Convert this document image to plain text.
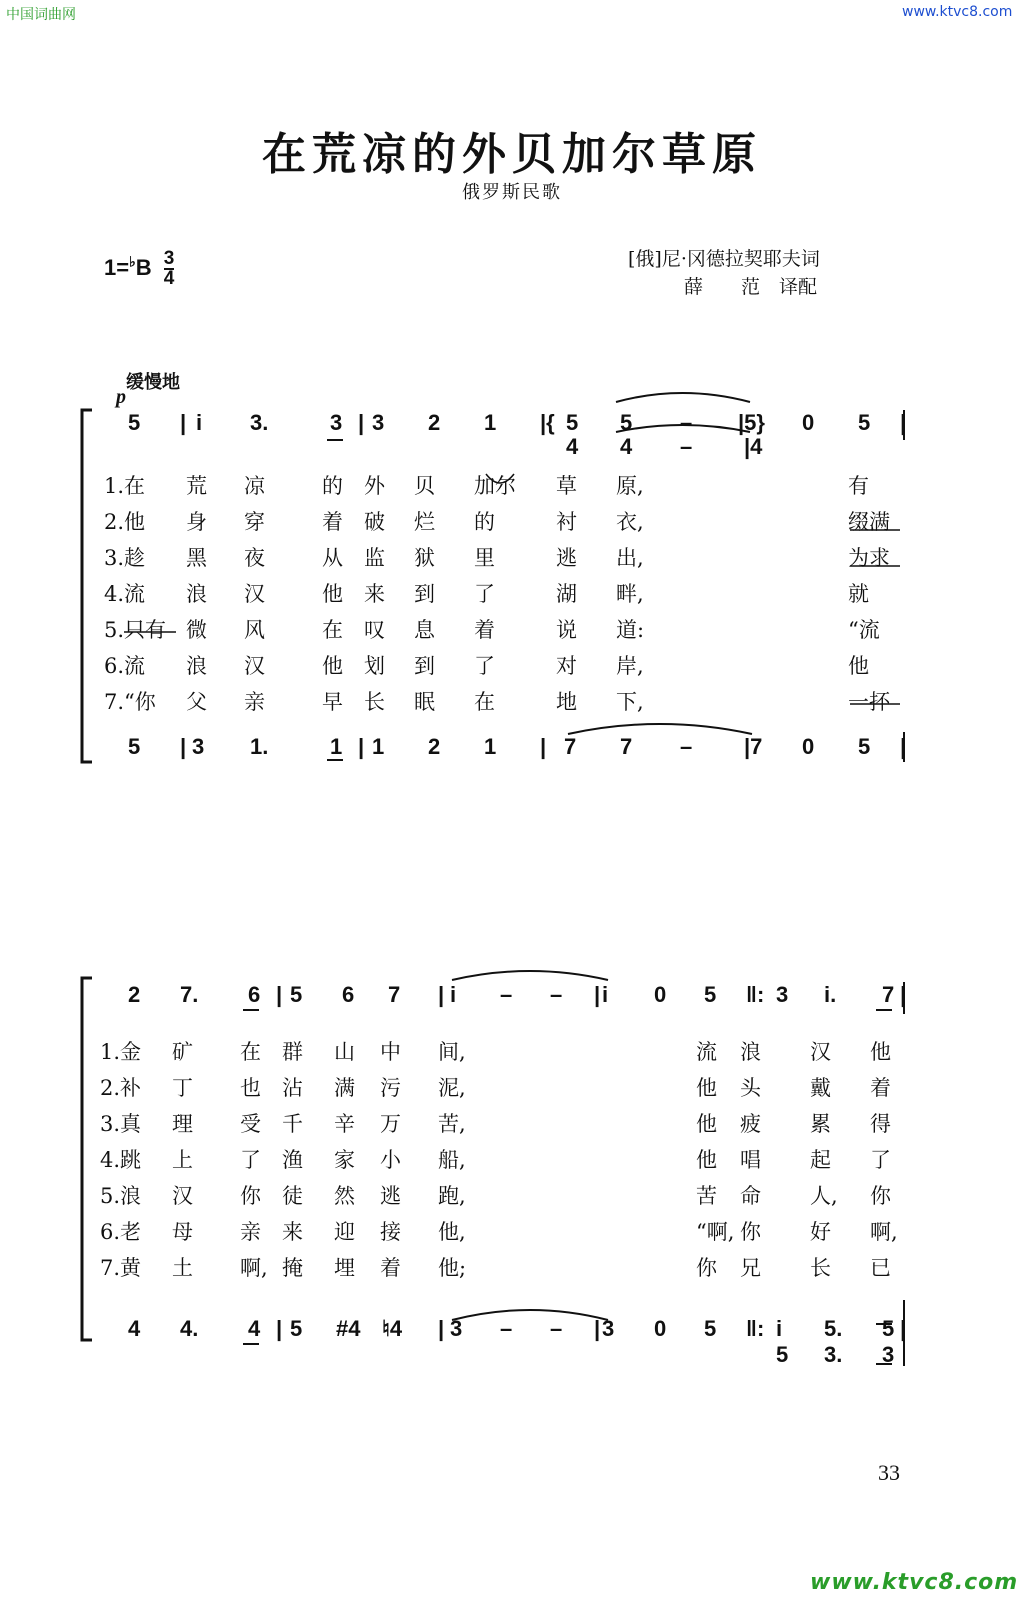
中国词曲网	www.ktvc8.com
www.ktvc8.com
在荒凉的外贝加尔草原
俄罗斯民歌
$1=^♭B \frac{3}{4}$	[俄]尼·冈德拉契耶夫词
薛　　范　译配
缓慢地
p
5 | i 3.	3 | 3 2 1 |{ 5 5 – |5} 0 5 |
4 4 – |4
5 | 3 1.	1 | 1 2 1 | 7 7 – |7 0 5 |
2 7. 6 | 5 6 7 | i – – | i 0 5 ‖: 3 i. 7 |
4 4. 4 | 5 #4 ♮4 | 3 – – | 3 0 5 ‖: i 5. 5 |
5 3. 3
1.在 荒 凉	的 外 贝 加尔 草 原,	有
2.他 身 穿	着 破 烂 的	衬 衣,	缀满
3.趁 黑 夜	从 监 狱 里	逃 出,	为求
4.流 浪 汉	他 来 到 了	湖 畔,	就
5.只有 微 风	在 叹 息 着	说 道:	“流
6.流 浪 汉	他 划 到 了	对 岸,	他
7.“你 父 亲	早 长 眠 在	地 下,	一抔
1.金 矿 在 群 山 中 间,	流 浪 汉 他
2.补 丁 也 沾 满 污 泥,	他 头 戴 着
3.真 理 受 千 辛 万 苦,	他 疲 累 得
4.跳 上 了 渔 家 小 船,	他 唱 起 了
5.浪 汉 你 徒 然 逃 跑,	苦 命 人, 你
6.老 母 亲 来 迎 接 他,	“啊, 你 好 啊,
7.黄 土 啊, 掩 埋 着 他;	你 兄 长 已
33
